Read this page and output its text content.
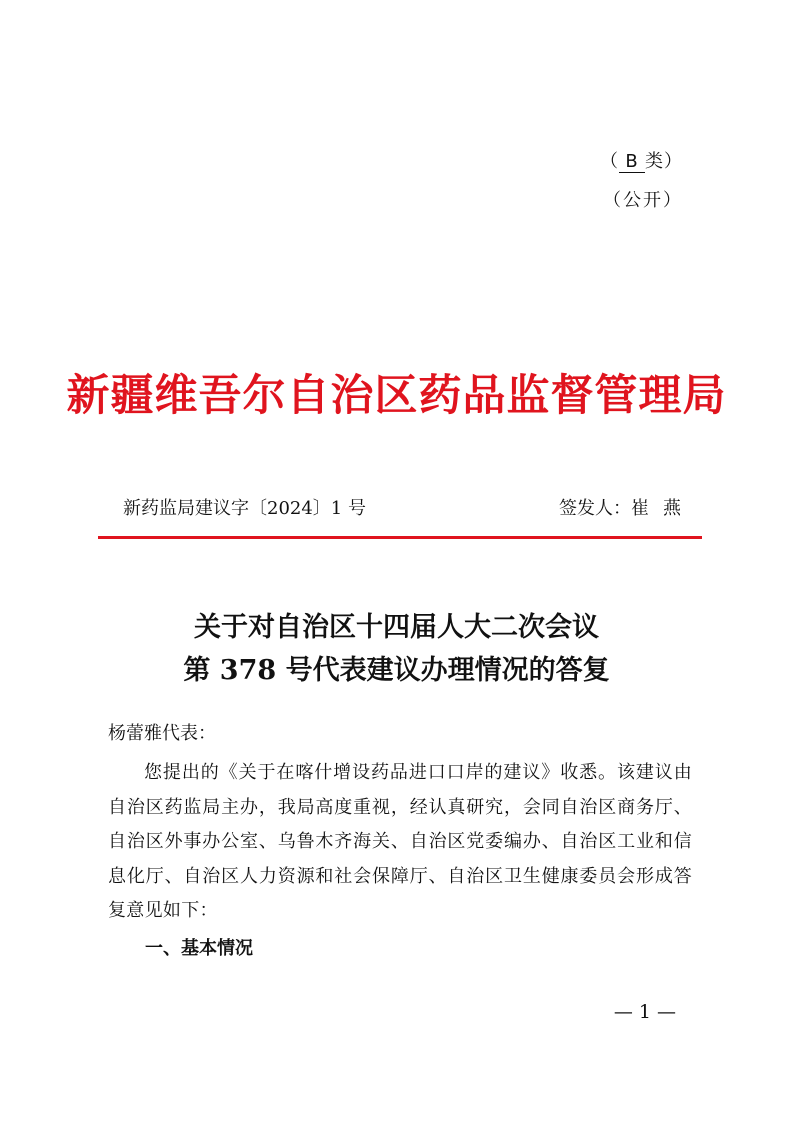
（ B 类）
（公开）
新疆维吾尔自治区药品监督管理局
新药监局建议字〔2024〕1 号	签发人：崔燕
关于对自治区十四届人大二次会议
第 378 号代表建议办理情况的答复
杨蕾雅代表：
您提出的《关于在喀什增设药品进口口岸的建议》收悉。该建议由自治区药监局主办，我局高度重视，经认真研究，会同自治区商务厅、自治区外事办公室、乌鲁木齐海关、自治区党委编办、自治区工业和信息化厅、自治区人力资源和社会保障厅、自治区卫生健康委员会形成答复意见如下：
一、基本情况
— 1 —
